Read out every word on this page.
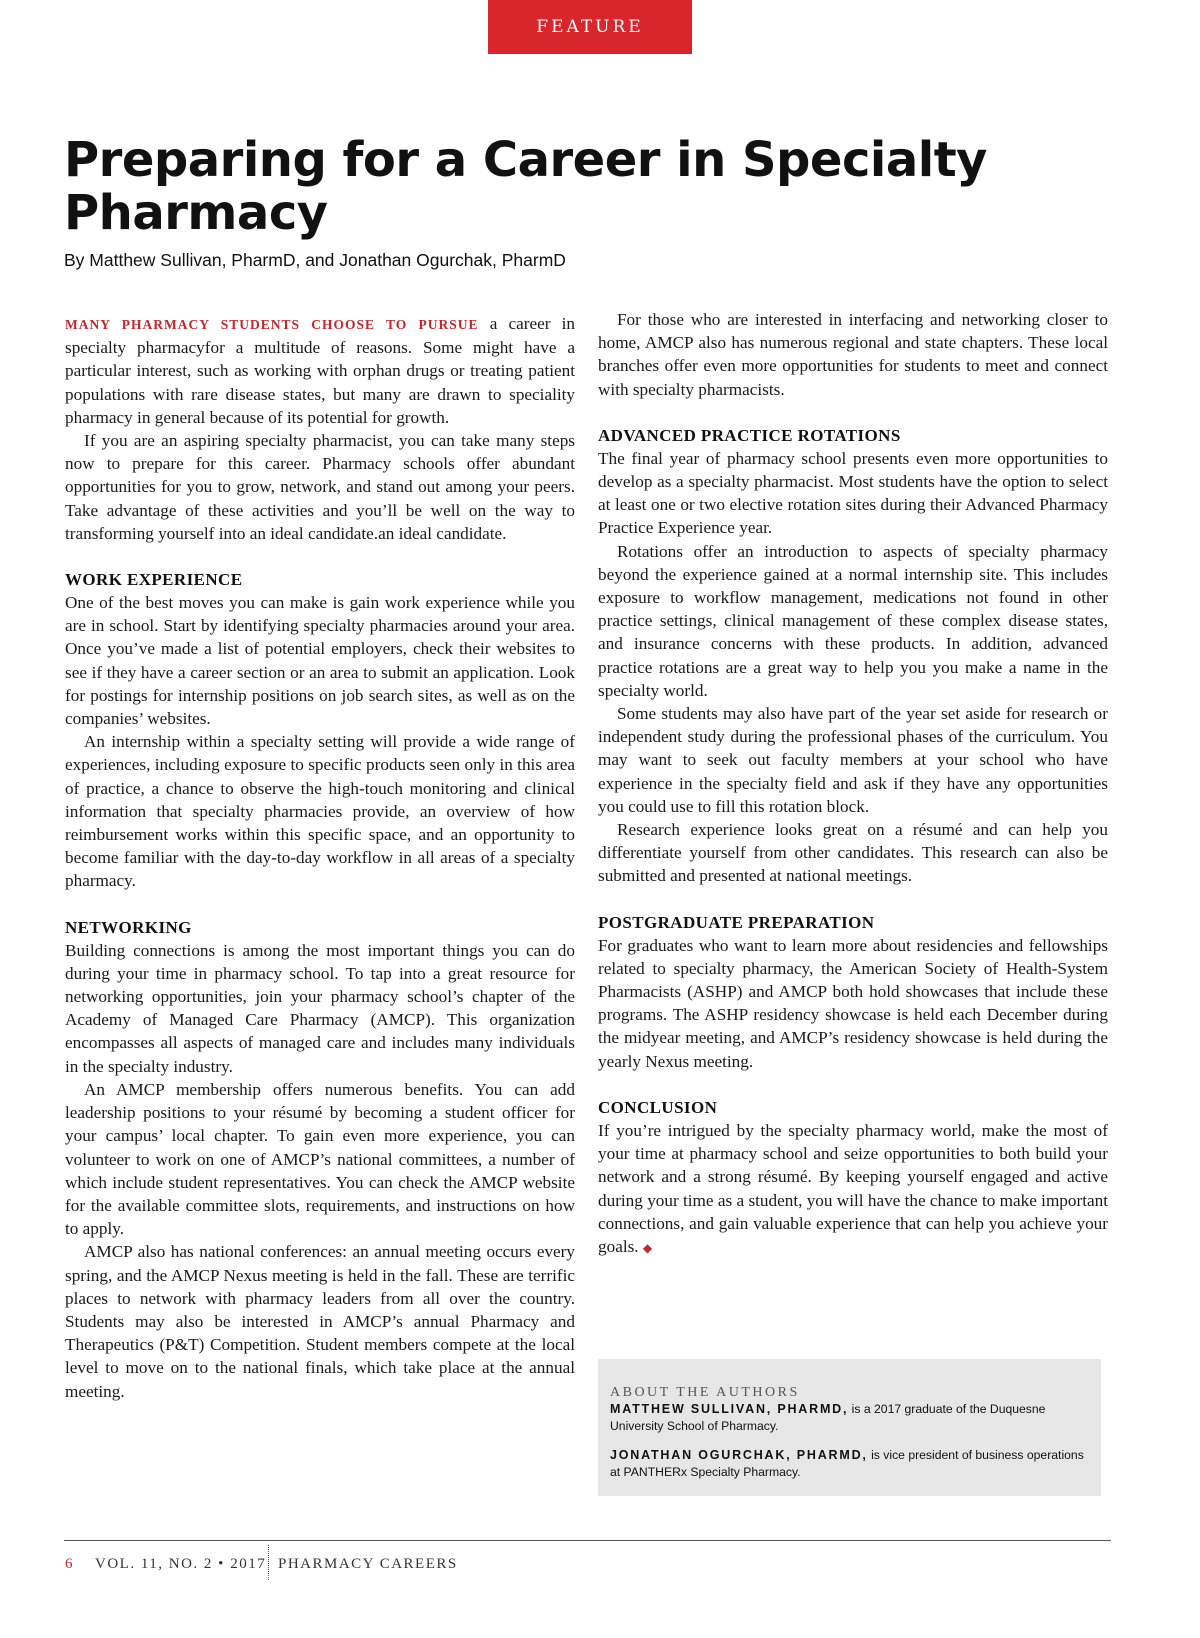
FEATURE
Preparing for a Career in Specialty Pharmacy

By Matthew Sullivan, PharmD, and Jonathan Ogurchak, PharmD

MANY PHARMACY STUDENTS CHOOSE TO PURSUE a career in specialty pharmacyfor a multitude of reasons. Some might have a particular interest, such as working with orphan drugs or treating patient populations with rare disease states, but many are drawn to speciality pharmacy in general because of its potential for growth.

If you are an aspiring specialty pharmacist, you can take many steps now to prepare for this career. Pharmacy schools offer abundant opportunities for you to grow, network, and stand out among your peers. Take advantage of these activities and you’ll be well on the way to transforming yourself into an ideal candidate.an ideal candidate.

WORK EXPERIENCE

One of the best moves you can make is gain work experience while you are in school. Start by identifying specialty pharmacies around your area. Once you’ve made a list of potential employers, check their websites to see if they have a career section or an area to submit an application. Look for postings for internship positions on job search sites, as well as on the companies’ websites.

An internship within a specialty setting will provide a wide range of experiences, including exposure to specific products seen only in this area of practice, a chance to observe the high-touch monitoring and clinical information that specialty pharmacies provide, an overview of how reimbursement works within this specific space, and an opportunity to become familiar with the day-to-day workflow in all areas of a specialty pharmacy.

NETWORKING

Building connections is among the most important things you can do during your time in pharmacy school. To tap into a great resource for networking opportunities, join your pharmacy school’s chapter of the Academy of Managed Care Pharmacy (AMCP). This organization encompasses all aspects of managed care and includes many individuals in the specialty industry.

An AMCP membership offers numerous benefits. You can add leadership positions to your résumé by becoming a student officer for your campus’ local chapter. To gain even more experience, you can volunteer to work on one of AMCP’s national committees, a number of which include student representatives. You can check the AMCP website for the available committee slots, requirements, and instructions on how to apply.

AMCP also has national conferences: an annual meeting occurs every spring, and the AMCP Nexus meeting is held in the fall. These are terrific places to network with pharmacy leaders from all over the country. Students may also be interested in AMCP’s annual Pharmacy and Therapeutics (P&T) Competition. Student members compete at the local level to move on to the national finals, which take place at the annual meeting.

For those who are interested in interfacing and networking closer to home, AMCP also has numerous regional and state chapters. These local branches offer even more opportunities for students to meet and connect with specialty pharmacists.

ADVANCED PRACTICE ROTATIONS

The final year of pharmacy school presents even more opportunities to develop as a specialty pharmacist. Most students have the option to select at least one or two elective rotation sites during their Advanced Pharmacy Practice Experience year.

Rotations offer an introduction to aspects of specialty pharmacy beyond the experience gained at a normal internship site. This includes exposure to workflow management, medications not found in other practice settings, clinical management of these complex disease states, and insurance concerns with these products. In addition, advanced practice rotations are a great way to help you you make a name in the specialty world.

Some students may also have part of the year set aside for research or independent study during the professional phases of the curriculum. You may want to seek out faculty members at your school who have experience in the specialty field and ask if they have any opportunities you could use to fill this rotation block.

Research experience looks great on a résumé and can help you differentiate yourself from other candidates. This research can also be submitted and presented at national meetings.

POSTGRADUATE PREPARATION

For graduates who want to learn more about residencies and fellowships related to specialty pharmacy, the American Society of Health-System Pharmacists (ASHP) and AMCP both hold showcases that include these programs. The ASHP residency showcase is held each December during the midyear meeting, and AMCP’s residency showcase is held during the yearly Nexus meeting.

CONCLUSION

If you’re intrigued by the specialty pharmacy world, make the most of your time at pharmacy school and seize opportunities to both build your network and a strong résumé. By keeping yourself engaged and active during your time as a student, you will have the chance to make important connections, and gain valuable experience that can help you achieve your goals. ◆

ABOUT THE AUTHORS

MATTHEW SULLIVAN, PHARMD, is a 2017 graduate of the Duquesne University School of Pharmacy.

JONATHAN OGURCHAK, PHARMD, is vice president of business operations at PANTHERx Specialty Pharmacy.

6 VOL. 11, NO. 2 • 2017 PHARMACY CAREERS
